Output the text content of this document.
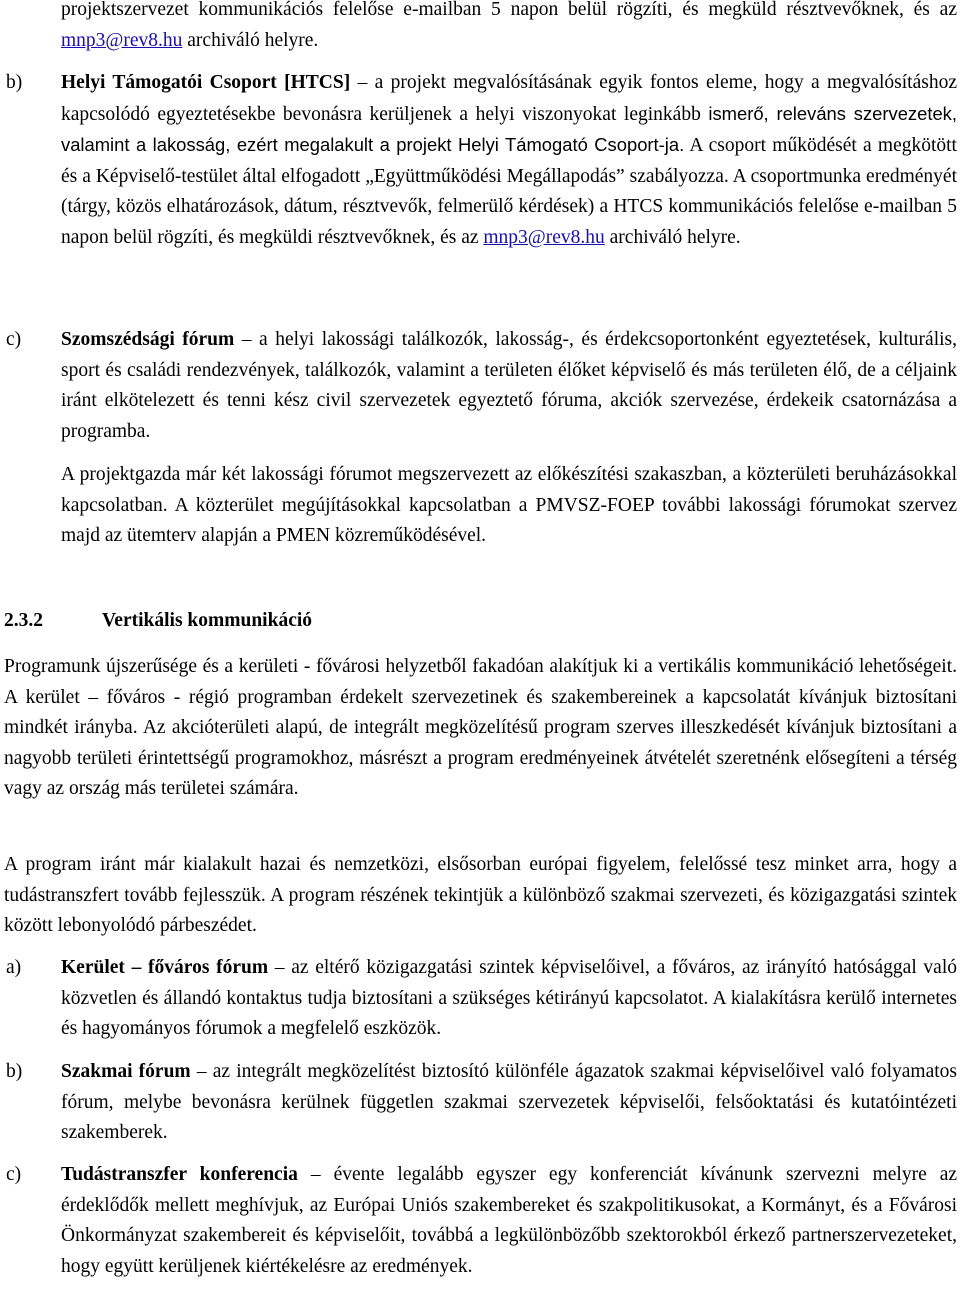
projektszervezet kommunikációs felelőse e-mailban 5 napon belül rögzíti, és megküld résztvevőknek, és az mnp3@rev8.hu archiváló helyre.

b)	Helyi Támogatói Csoport [HTCS] – a projekt megvalósításának egyik fontos eleme, hogy a megvalósításhoz kapcsolódó egyeztetésekbe bevonásra kerüljenek a helyi viszonyokat leginkább ismerő, releváns szervezetek, valamint a lakosság, ezért megalakult a projekt Helyi Támogató Csoport-ja. A csoport működését a megkötött és a Képviselő-testület által elfogadott „Együttműködési Megállapodás” szabályozza. A csoportmunka eredményét (tárgy, közös elhatározások, dátum, résztvevők, felmerülő kérdések) a HTCS kommunikációs felelőse e-mailban 5 napon belül rögzíti, és megküldi résztvevőknek, és az mnp3@rev8.hu archiváló helyre.
c)	Szomszédsági fórum – a helyi lakossági találkozók, lakosság-, és érdekcsoportonként egyeztetések, kulturális, sport és családi rendezvények, találkozók, valamint a területen élőket képviselő és más területen élő, de a céljaink iránt elkötelezett és tenni kész civil szervezetek egyeztető fóruma, akciók szervezése, érdekeik csatornázása a programba.

A projektgazda már két lakossági fórumot megszervezett az előkészítési szakaszban, a közterületi beruházásokkal kapcsolatban. A közterület megújításokkal kapcsolatban a PMVSZ-FOEP további lakossági fórumokat szervez majd az ütemterv alapján a PMEN közreműködésével.

2.3.2	Vertikális kommunikáció

Programunk újszerűsége és a kerületi - fővárosi helyzetből fakadóan alakítjuk ki a vertikális kommunikáció lehetőségeit. A kerület – főváros - régió programban érdekelt szervezetinek és szakembereinek a kapcsolatát kívánjuk biztosítani mindkét irányba. Az akcióterületi alapú, de integrált megközelítésű program szerves illeszkedését kívánjuk biztosítani a nagyobb területi érintettségű programokhoz, másrészt a program eredményeinek átvételét szeretnénk elősegíteni a térség vagy az ország más területei számára.

A program iránt már kialakult hazai és nemzetközi, elsősorban európai figyelem, felelőssé tesz minket arra, hogy a tudástranszfert tovább fejlesszük. A program részének tekintjük a különböző szakmai szervezeti, és közigazgatási szintek között lebonyolódó párbeszédet.

a)	Kerület – főváros fórum – az eltérő közigazgatási szintek képviselőivel, a főváros, az irányító hatósággal való közvetlen és állandó kontaktus tudja biztosítani a szükséges kétirányú kapcsolatot. A kialakításra kerülő internetes és hagyományos fórumok a megfelelő eszközök.
b)	Szakmai fórum – az integrált megközelítést biztosító különféle ágazatok szakmai képviselőivel való folyamatos fórum, melybe bevonásra kerülnek független szakmai szervezetek képviselői, felsőoktatási és kutatóintézeti szakemberek.
c)	Tudástranszfer konferencia – évente legalább egyszer egy konferenciát kívánunk szervezni melyre az érdeklődők mellett meghívjuk, az Európai Uniós szakembereket és szakpolitikusokat, a Kormányt, és a Fővárosi Önkormányzat szakembereit és képviselőit, továbbá a legkülönbözőbb szektorokból érkező partnerszervezeteket, hogy együtt kerüljenek kiértékelésre az eredmények.
